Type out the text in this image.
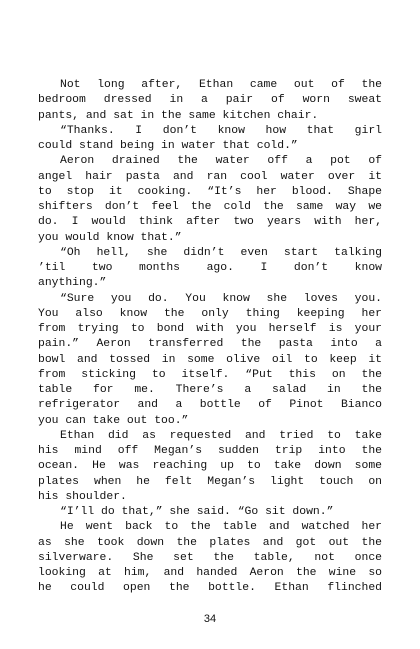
Not long after, Ethan came out of the
bedroom dressed in a pair of worn sweat
pants, and sat in the same kitchen chair.
“Thanks. I don’t know how that girl
could stand being in water that cold.”
Aeron drained the water off a pot of
angel hair pasta and ran cool water over it
to stop it cooking. “It’s her blood. Shape
shifters don’t feel the cold the same way we
do. I would think after two years with her,
you would know that.”
“Oh hell, she didn’t even start talking
’til two months ago. I don’t know
anything.”
“Sure you do. You know she loves you.
You also know the only thing keeping her
from trying to bond with you herself is your
pain.” Aeron transferred the pasta into a
bowl and tossed in some olive oil to keep it
from sticking to itself. “Put this on the
table for me. There’s a salad in the
refrigerator and a bottle of Pinot Bianco
you can take out too.”
Ethan did as requested and tried to take
his mind off Megan’s sudden trip into the
ocean. He was reaching up to take down some
plates when he felt Megan’s light touch on
his shoulder.
“I’ll do that,” she said. “Go sit down.”
He went back to the table and watched her
as she took down the plates and got out the
silverware. She set the table, not once
looking at him, and handed Aeron the wine so
he could open the bottle. Ethan flinched
34
